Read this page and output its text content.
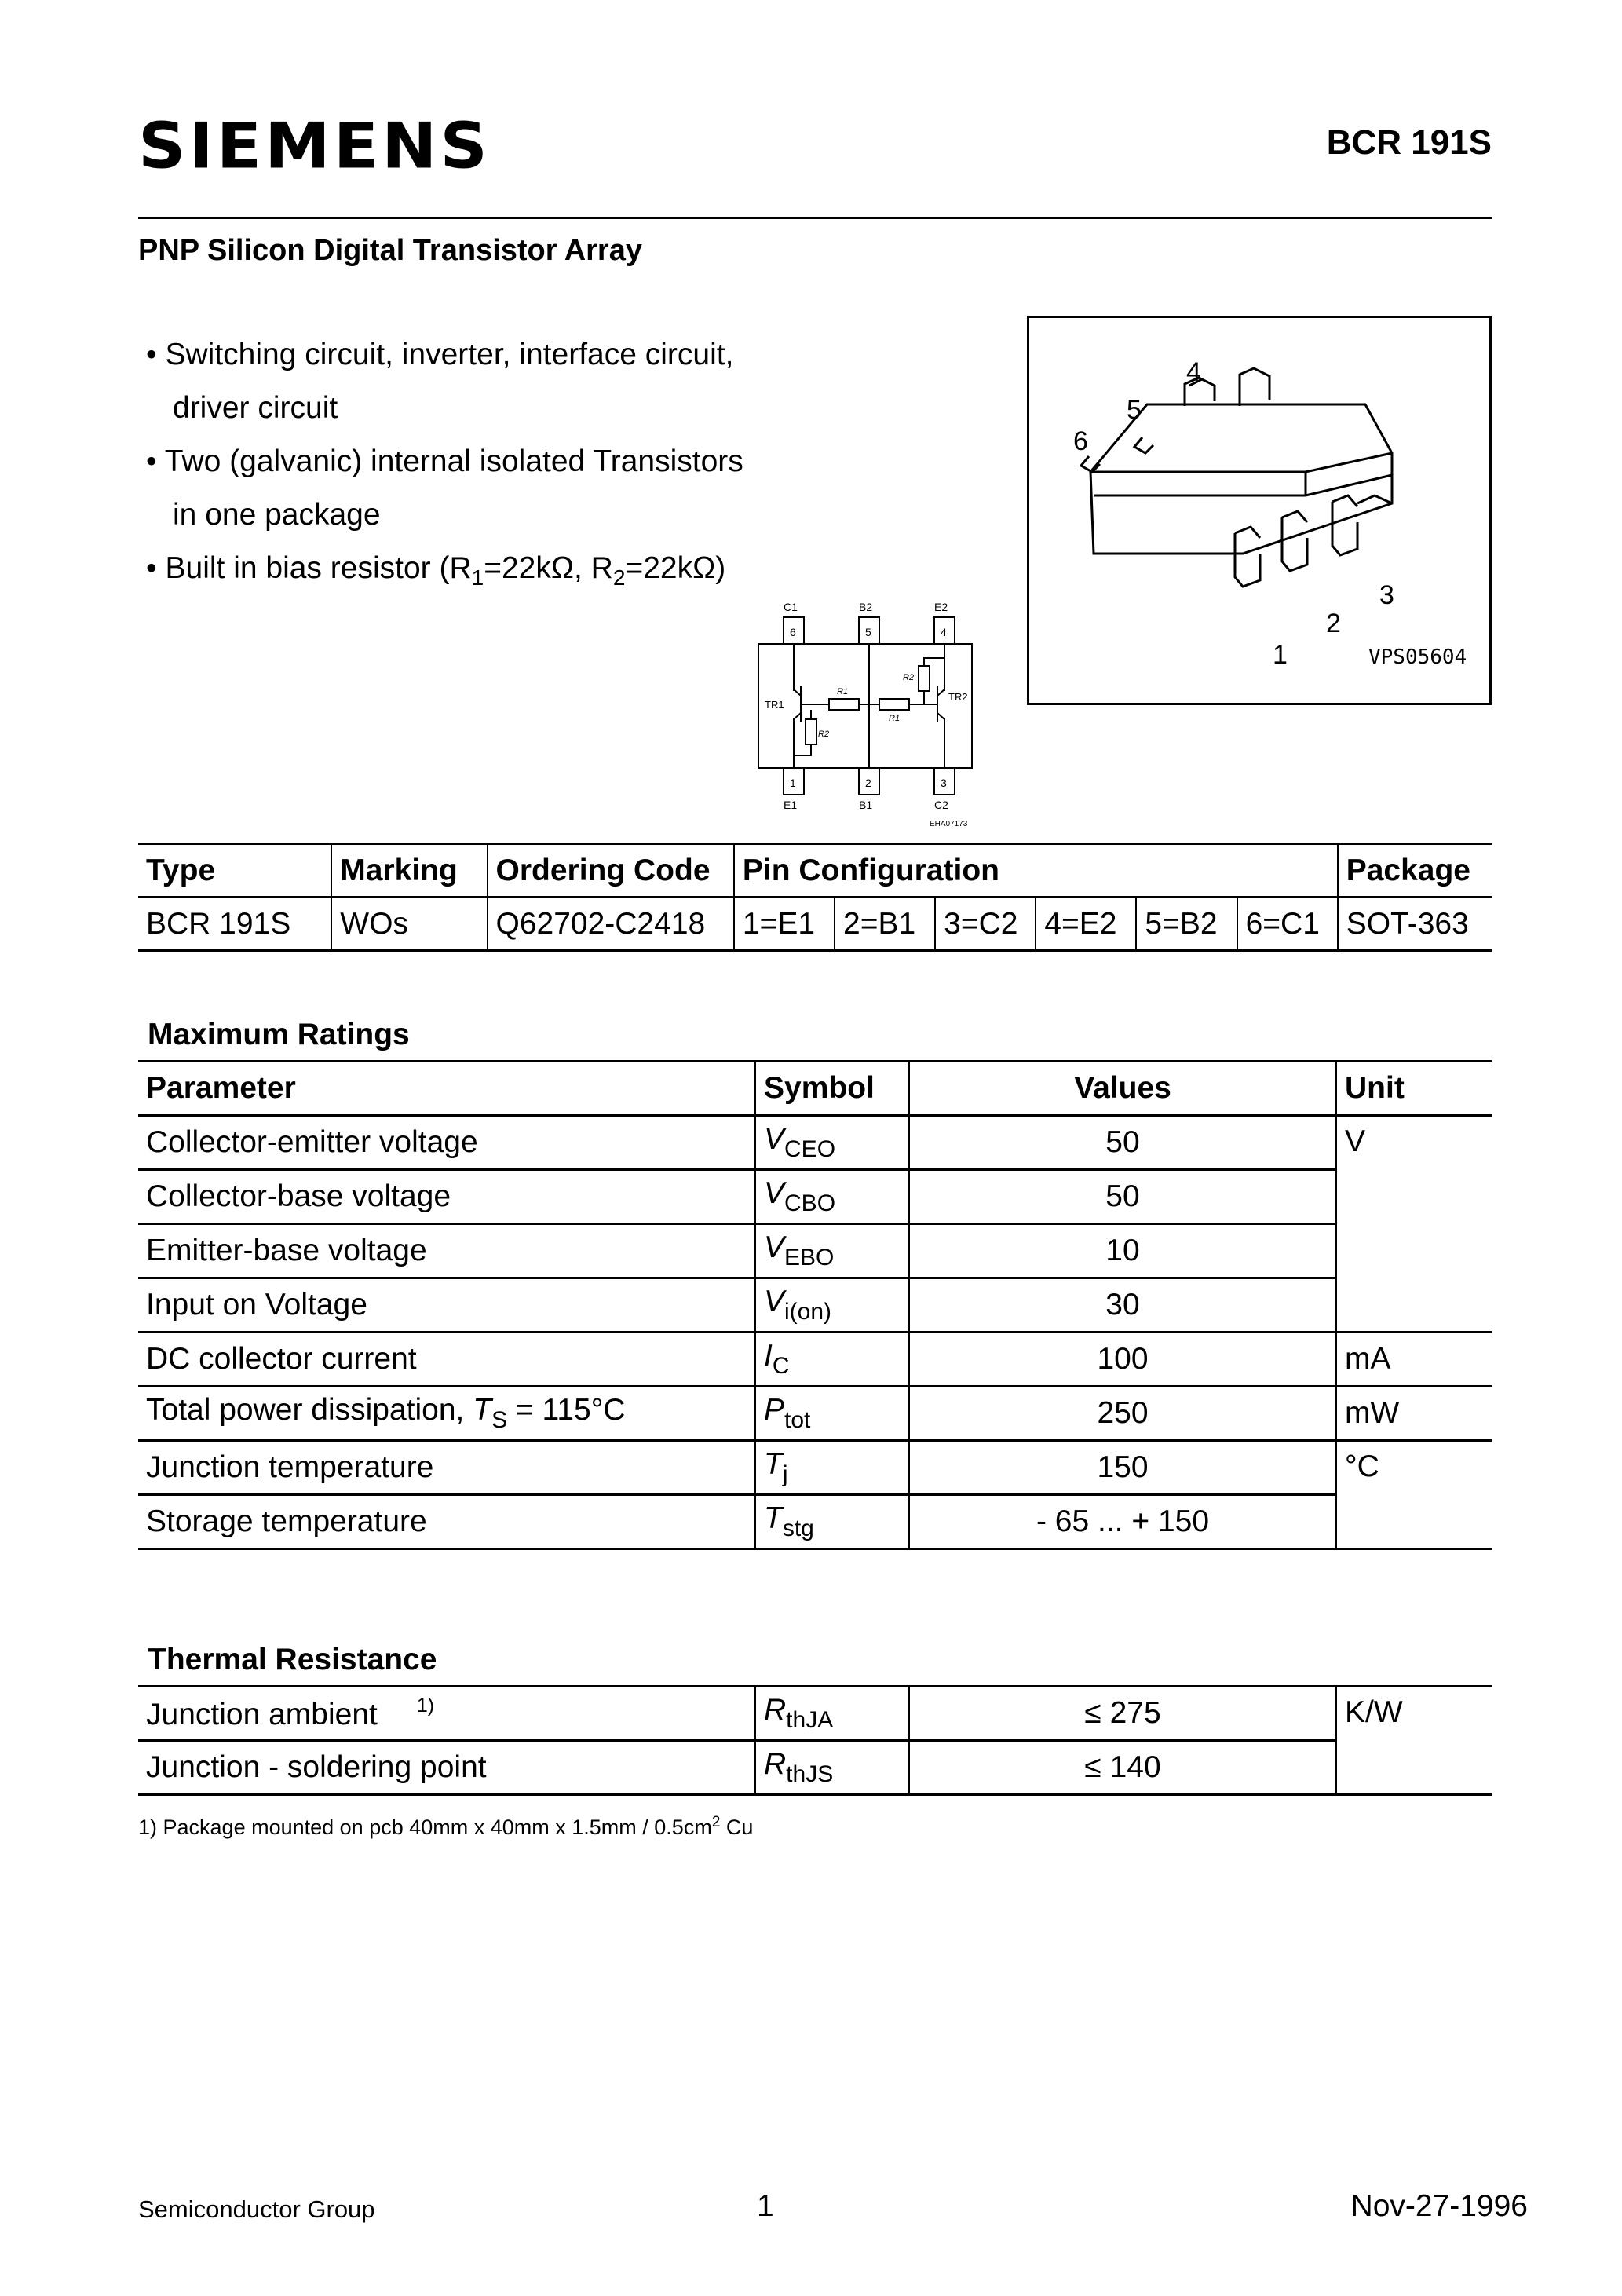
SIEMENS	BCR 191S
PNP Silicon Digital Transistor Array
• Switching circuit, inverter, interface circuit,
driver circuit
• Two (galvanic) internal isolated Transistors
in one package
• Built in bias resistor ($R_1=22k\Omega$, $R_2=22k\Omega$)
4
5
6
1
2
3
VPS05604
C1	B2	E2
6	5	4
1	2	3
E1	B1	C2
TR1
TR2
R1
R2
R1
R2
EHA07173
Type	Marking	Ordering Code	Pin Configuration						Package
BCR 191S	WOs	Q62702-C2418	1=E1	2=B1	3=C2	4=E2	5=B2	6=C1	SOT-363
Maximum Ratings
Parameter	Symbol	Values	Unit
Collector-emitter voltage	$V_{CEO}$	50	V
Collector-base voltage	$V_{CBO}$	50	
Emitter-base voltage	$V_{EBO}$	10	
Input on Voltage	$V_{i(on)}$	30	
DC collector current	$I_C$	100	mA
Total power dissipation, $T_S = 115^\circ C$	$P_{tot}$	250	mW
Junction temperature	$T_j$	150	°C
Storage temperature	$T_{stg}$	- 65 ... + 150	
Thermal Resistance
Junction ambient $^{1)}$	$R_{thJA}$	≤ 275	K/W
Junction - soldering point	$R_{thJS}$	≤ 140	
1) Package mounted on pcb 40mm x 40mm x $1.5mm / 0.5cm^2$ Cu
Semiconductor Group	1	Nov-27-1996
